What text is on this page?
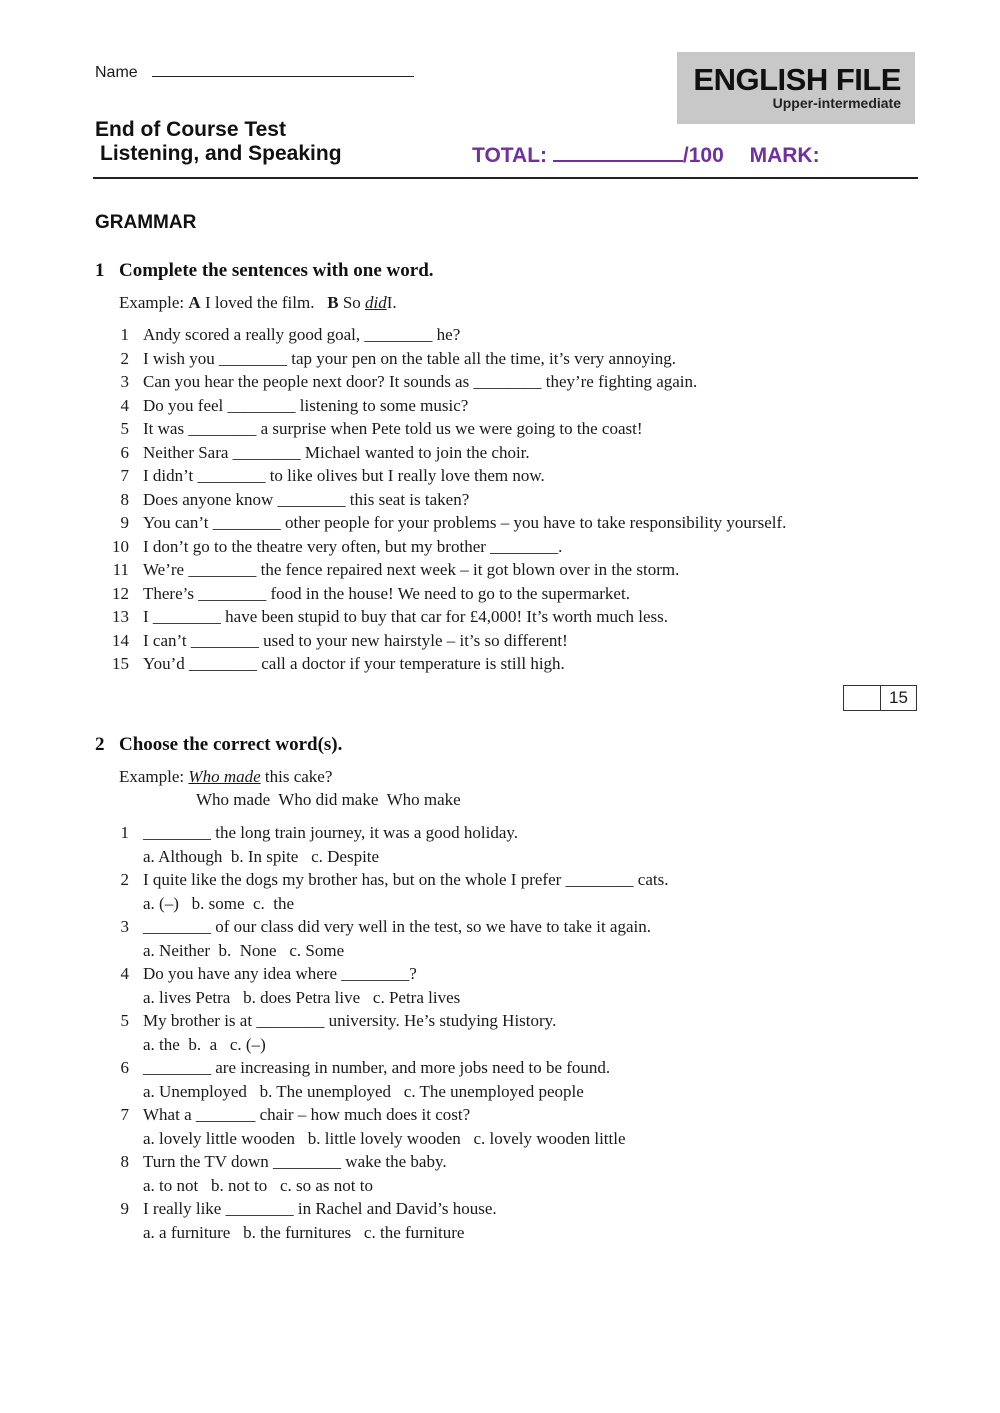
Name	ENGLISH FILE
Upper-intermediate
End of Course Test
Listening, and Speaking	TOTAL:	/100 MARK:
GRAMMAR
1 Complete the sentences with one word.
Example: A I loved the film. B So didI.
1 Andy scored a really good goal, ________ he?
2 I wish you ________ tap your pen on the table all the time, it’s very annoying.
3 Can you hear the people next door? It sounds as ________ they’re fighting again.
4 Do you feel ________ listening to some music?
5 It was ________ a surprise when Pete told us we were going to the coast!
6 Neither Sara ________ Michael wanted to join the choir.
7 I didn’t ________ to like olives but I really love them now.
8 Does anyone know ________ this seat is taken?
9 You can’t ________ other people for your problems – you have to take responsibility yourself.
10 I don’t go to the theatre very often, but my brother ________.
11 We’re ________ the fence repaired next week – it got blown over in the storm.
12 There’s ________ food in the house! We need to go to the supermarket.
13 I ________ have been stupid to buy that car for £4,000! It’s worth much less.
14 I can’t ________ used to your new hairstyle – it’s so different!
15 You’d ________ call a doctor if your temperature is still high.
15
2 Choose the correct word(s).
Example: Who made this cake?
Who made  Who did make  Who make
1 ________ the long train journey, it was a good holiday.
a. Although  b. In spite   c. Despite
2 I quite like the dogs my brother has, but on the whole I prefer ________ cats.
a. (–)   b. some  c.  the
3 ________ of our class did very well in the test, so we have to take it again.
a. Neither  b.  None   c. Some
4 Do you have any idea where ________?
a. lives Petra   b. does Petra live   c. Petra lives
5 My brother is at ________ university. He’s studying History.
a. the  b.  a   c. (–)
6 ________ are increasing in number, and more jobs need to be found.
a. Unemployed   b. The unemployed   c. The unemployed people
7 What a _______ chair – how much does it cost?
a. lovely little wooden   b. little lovely wooden   c. lovely wooden little
8 Turn the TV down ________ wake the baby.
a. to not   b. not to   c. so as not to
9 I really like ________ in Rachel and David’s house.
a. a furniture   b. the furnitures   c. the furniture
